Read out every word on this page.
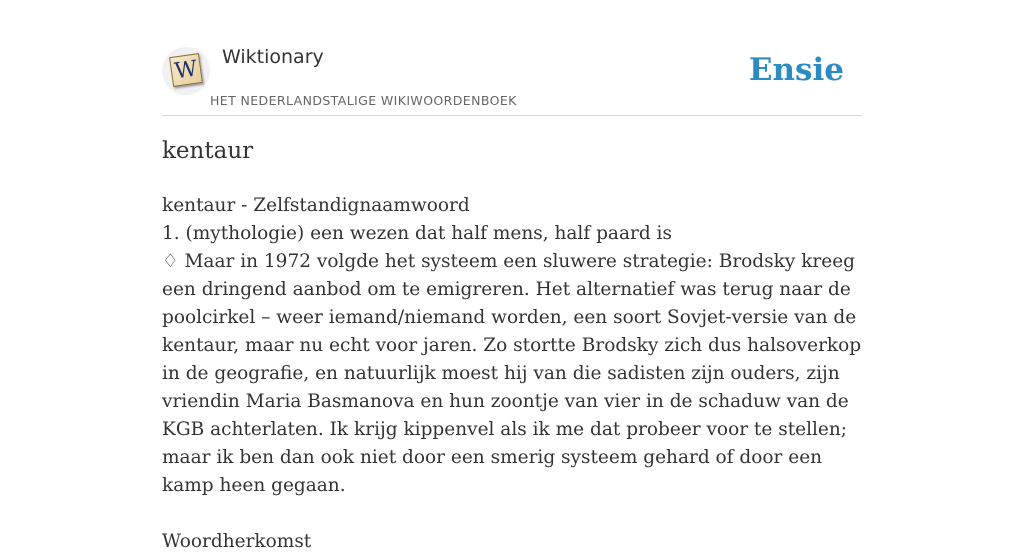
W Wiktionary
HET NEDERLANDSTALIGE WIKIWOORDENBOEK
Ensie
kentaur

kentaur - Zelfstandignaamwoord

1. (mythologie) een wezen dat half mens, half paard is

♢ Maar in 1972 volgde het systeem een sluwere strategie: Brodsky kreeg een dringend aanbod om te emigreren. Het alternatief was terug naar de poolcirkel – weer iemand/niemand worden, een soort Sovjet-versie van de kentaur, maar nu echt voor jaren. Zo stortte Brodsky zich dus halsoverkop in de geografie, en natuurlijk moest hij van die sadisten zijn ouders, zijn vriendin Maria Basmanova en hun zoontje van vier in de schaduw van de KGB achterlaten. Ik krijg kippenvel als ik me dat probeer voor te stellen; maar ik ben dan ook niet door een smerig systeem gehard of door een kamp heen gegaan.

Woordherkomst
